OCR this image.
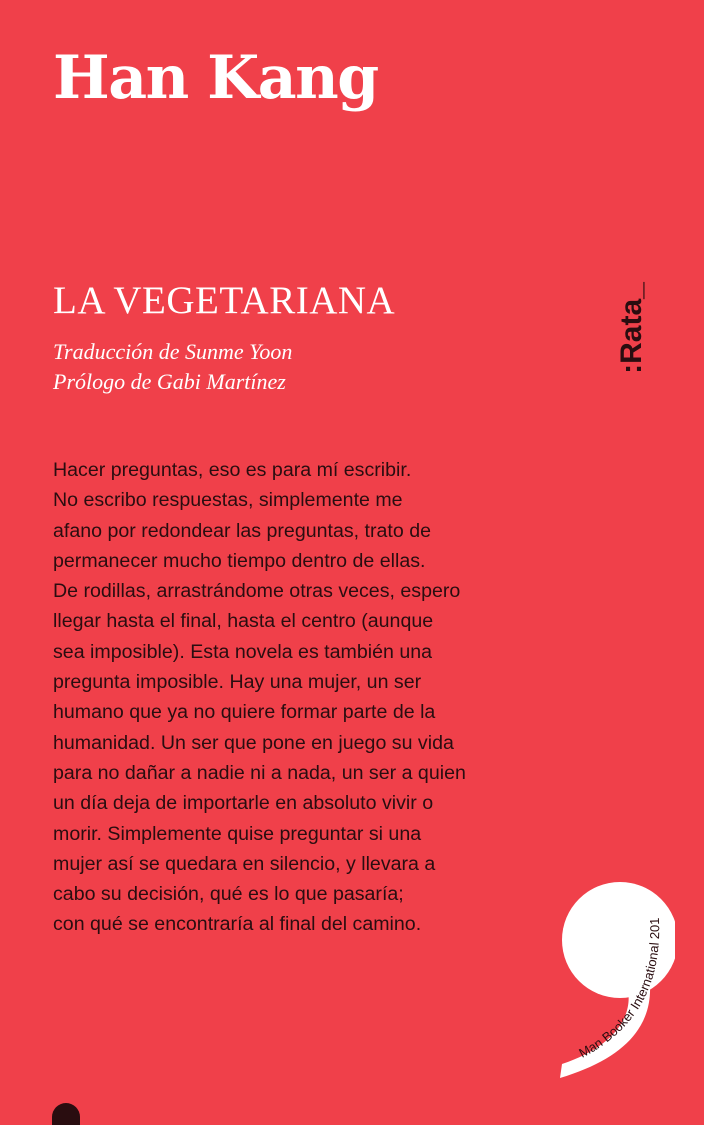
Han Kang
LA VEGETARIANA
Traducción de Sunme Yoon
Prólogo de Gabi Martínez
:Rata_
Hacer preguntas, eso es para mí escribir.
No escribo respuestas, simplemente me
afano por redondear las preguntas, trato de
permanecer mucho tiempo dentro de ellas.
De rodillas, arrastrándome otras veces, espero
llegar hasta el final, hasta el centro (aunque
sea imposible). Esta novela es también una
pregunta imposible. Hay una mujer, un ser
humano que ya no quiere formar parte de la
humanidad. Un ser que pone en juego su vida
para no dañar a nadie ni a nada, un ser a quien
un día deja de importarle en absoluto vivir o
morir. Simplemente quise preguntar si una
mujer así se quedara en silencio, y llevara a
cabo su decisión, qué es lo que pasaría;
con qué se encontraría al final del camino.
Man Booker International 201
